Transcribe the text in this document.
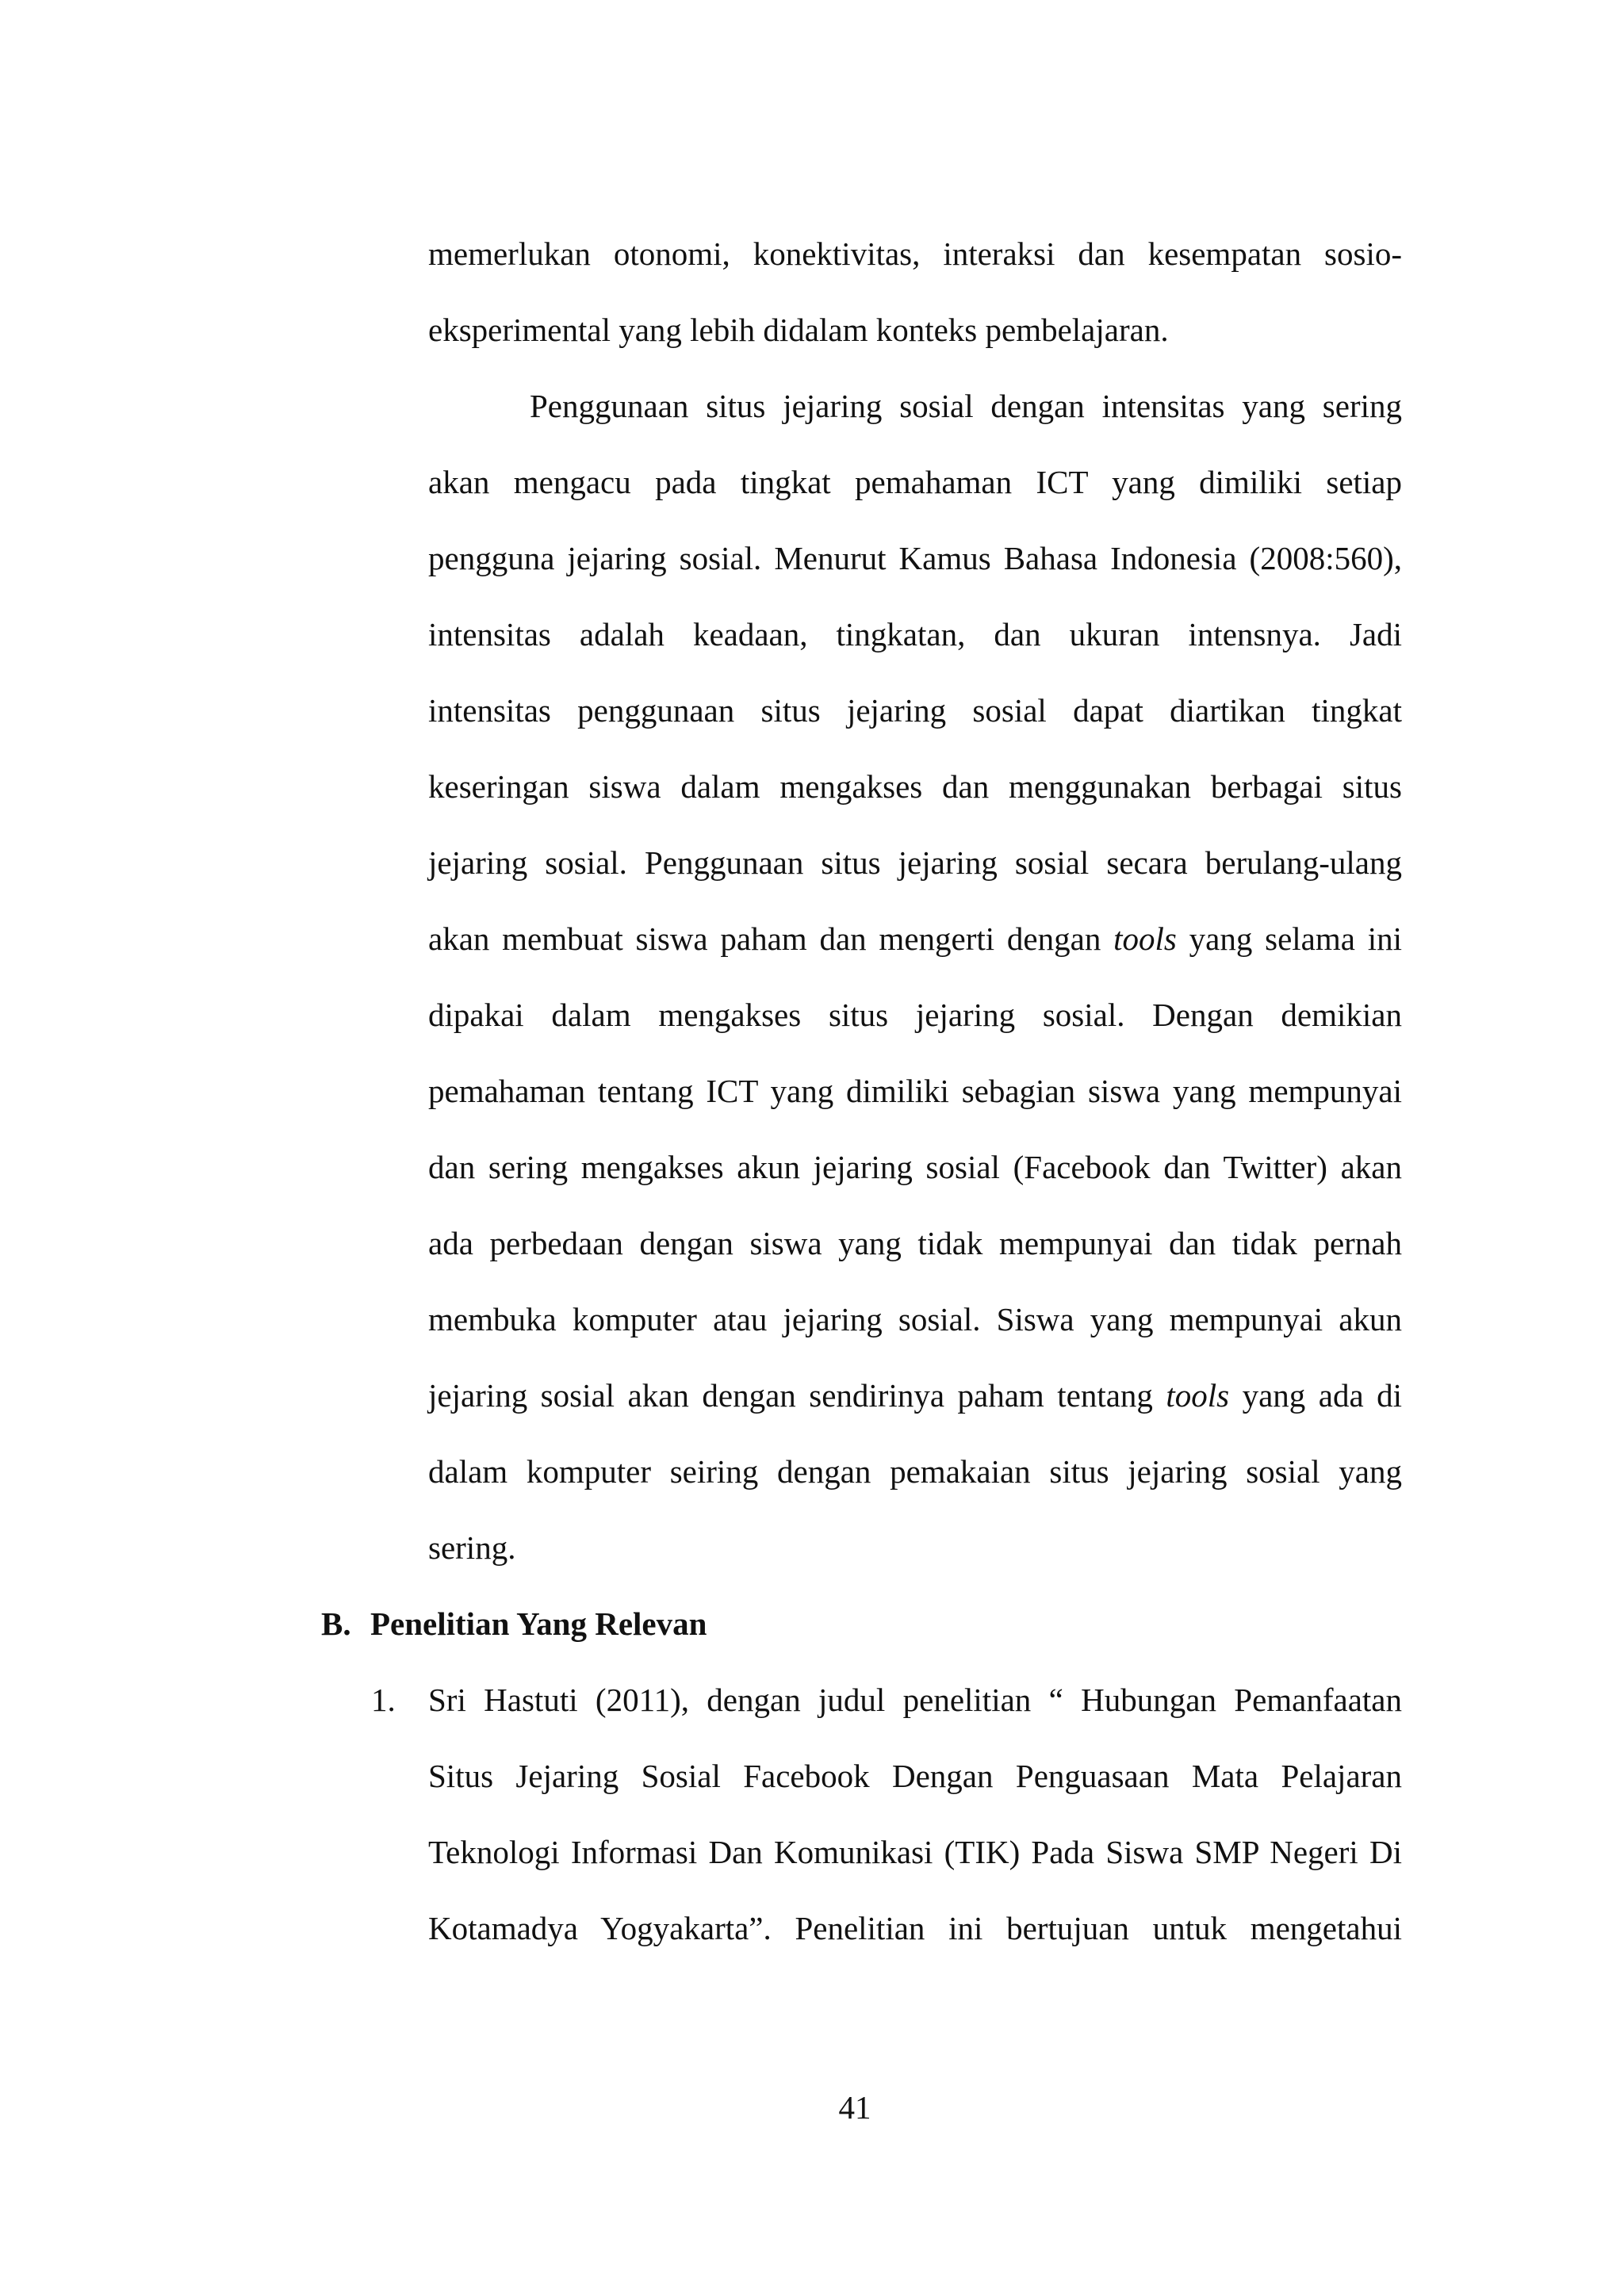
memerlukan otonomi, konektivitas, interaksi dan kesempatan sosio-
eksperimental yang lebih didalam konteks pembelajaran.
Penggunaan situs jejaring sosial dengan intensitas yang sering
akan mengacu pada tingkat pemahaman ICT yang dimiliki setiap
pengguna jejaring sosial. Menurut Kamus Bahasa Indonesia (2008:560),
intensitas adalah keadaan, tingkatan, dan ukuran intensnya. Jadi
intensitas penggunaan situs jejaring sosial dapat diartikan tingkat
keseringan siswa dalam mengakses dan menggunakan berbagai situs
jejaring sosial. Penggunaan situs jejaring sosial secara berulang-ulang
akan membuat siswa paham dan mengerti dengan tools yang selama ini
dipakai dalam mengakses situs jejaring sosial. Dengan demikian
pemahaman tentang ICT yang dimiliki sebagian siswa yang mempunyai
dan sering mengakses akun jejaring sosial (Facebook dan Twitter) akan
ada perbedaan dengan siswa yang tidak mempunyai dan tidak pernah
membuka komputer atau jejaring sosial. Siswa yang mempunyai akun
jejaring sosial akan dengan sendirinya paham tentang tools yang ada di
dalam komputer seiring dengan pemakaian situs jejaring sosial yang
sering.
B. Penelitian Yang Relevan
1. Sri Hastuti (2011), dengan judul penelitian “ Hubungan Pemanfaatan
Situs Jejaring Sosial Facebook Dengan Penguasaan Mata Pelajaran
Teknologi Informasi Dan Komunikasi (TIK) Pada Siswa SMP Negeri Di
Kotamadya Yogyakarta”. Penelitian ini bertujuan untuk mengetahui
41
